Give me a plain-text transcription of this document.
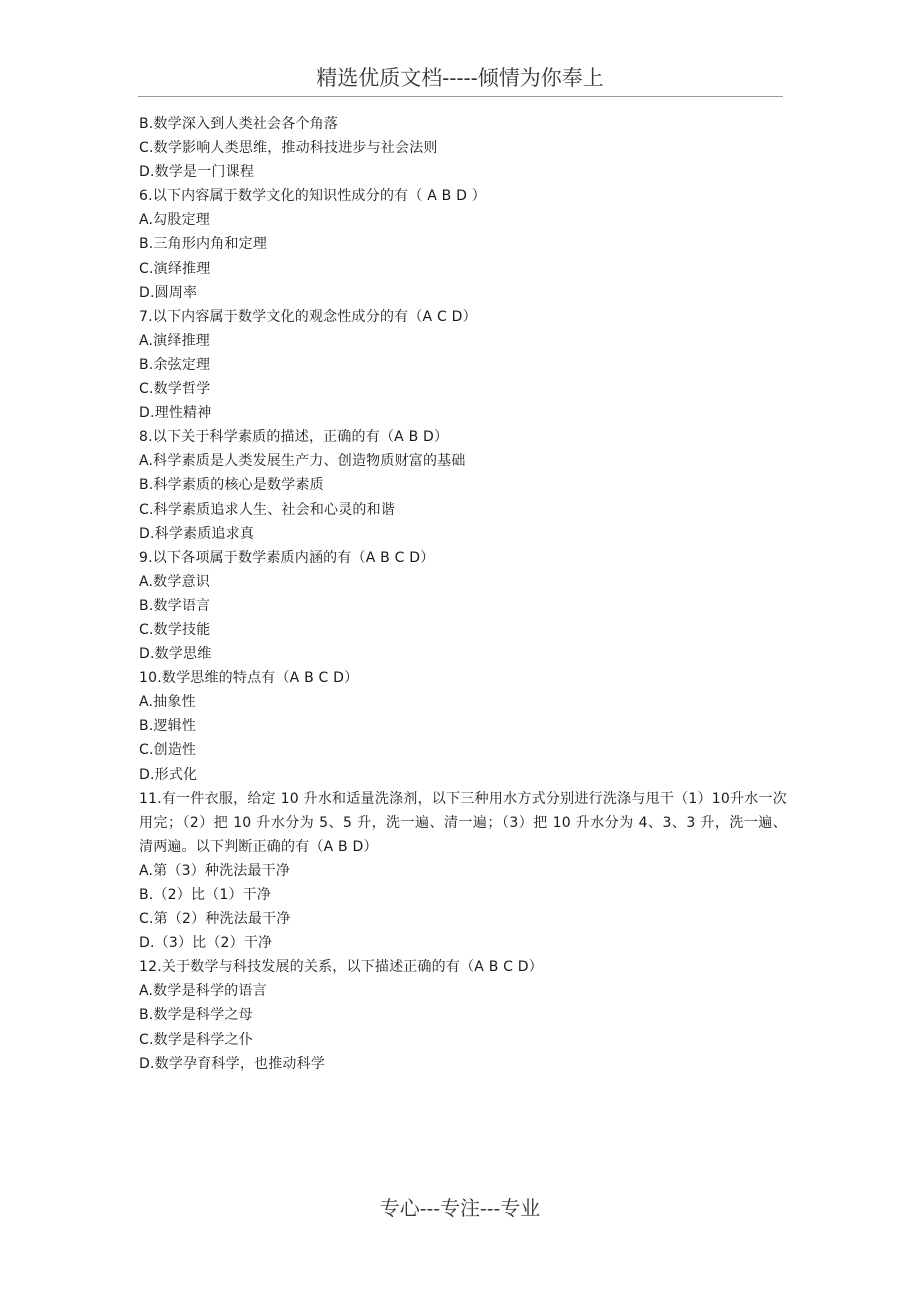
精选优质文档-----倾情为你奉上
B.数学深入到人类社会各个角落
C.数学影响人类思维，推动科技进步与社会法则
D.数学是一门课程
6.以下内容属于数学文化的知识性成分的有（ A B D ）
A.勾股定理
B.三角形内角和定理
C.演绎推理
D.圆周率
7.以下内容属于数学文化的观念性成分的有（A C D）
A.演绎推理
B.余弦定理
C.数学哲学
D.理性精神
8.以下关于科学素质的描述，正确的有（A B D）
A.科学素质是人类发展生产力、创造物质财富的基础
B.科学素质的核心是数学素质
C.科学素质追求人生、社会和心灵的和谐
D.科学素质追求真
9.以下各项属于数学素质内涵的有（A B C D）
A.数学意识
B.数学语言
C.数学技能
D.数学思维
10.数学思维的特点有（A B C D）
A.抽象性
B.逻辑性
C.创造性
D.形式化
11.有一件衣服，给定 10 升水和适量洗涤剂，以下三种用水方式分别进行洗涤与甩干（1）10升水一次用完；（2）把 10 升水分为 5、5 升，洗一遍、清一遍；（3）把 10 升水分为 4、3、3 升，洗一遍、清两遍。以下判断正确的有（A B D）
A.第（3）种洗法最干净
B.（2）比（1）干净
C.第（2）种洗法最干净
D.（3）比（2）干净
12.关于数学与科技发展的关系，以下描述正确的有（A B C D）
A.数学是科学的语言
B.数学是科学之母
C.数学是科学之仆
D.数学孕育科学，也推动科学
专心---专注---专业
